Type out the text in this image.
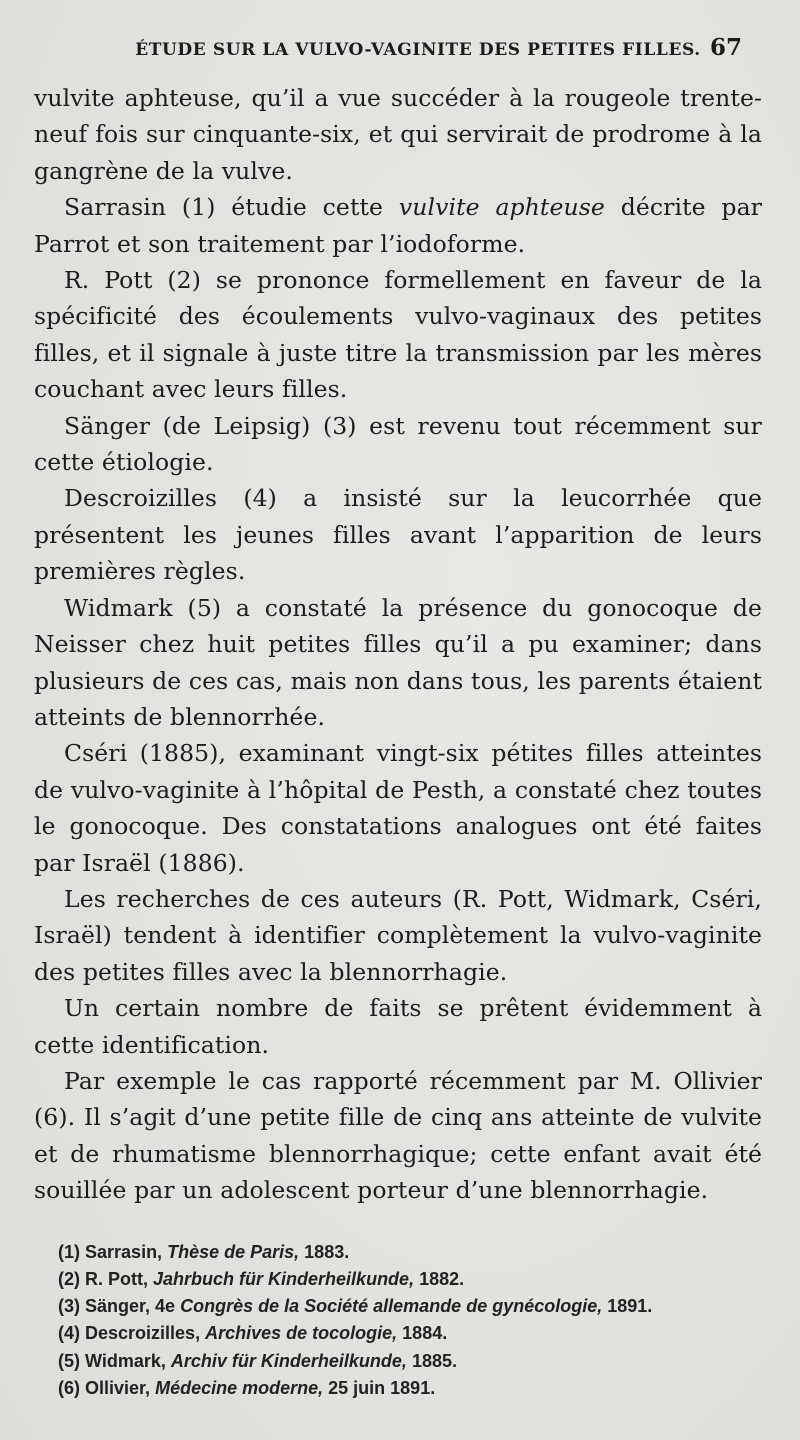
ÉTUDE SUR LA VULVO-VAGINITE DES PETITES FILLES. 67

vulvite aphteuse, qu’il a vue succéder à la rougeole trente-neuf fois sur cinquante-six, et qui servirait de prodrome à la gangrène de la vulve.

Sarrasin (1) étudie cette vulvite aphteuse décrite par Parrot et son traitement par l’iodoforme.

R. Pott (2) se prononce formellement en faveur de la spécificité des écoulements vulvo-vaginaux des petites filles, et il signale à juste titre la transmission par les mères couchant avec leurs filles.

Sänger (de Leipsig) (3) est revenu tout récemment sur cette étiologie.

Descroizilles (4) a insisté sur la leucorrhée que présentent les jeunes filles avant l’apparition de leurs premières règles.

Widmark (5) a constaté la présence du gonocoque de Neisser chez huit petites filles qu’il a pu examiner; dans plusieurs de ces cas, mais non dans tous, les parents étaient atteints de blennorrhée.

Cséri (1885), examinant vingt-six pétites filles atteintes de vulvo-vaginite à l’hôpital de Pesth, a constaté chez toutes le gonocoque. Des constatations analogues ont été faites par Israël (1886).

Les recherches de ces auteurs (R. Pott, Widmark, Cséri, Israël) tendent à identifier complètement la vulvo-vaginite des petites filles avec la blennorrhagie.

Un certain nombre de faits se prêtent évidemment à cette identification.

Par exemple le cas rapporté récemment par M. Ollivier (6). Il s’agit d’une petite fille de cinq ans atteinte de vulvite et de rhumatisme blennorrhagique; cette enfant avait été souillée par un adolescent porteur d’une blennorrhagie.

(1) Sarrasin, Thèse de Paris, 1883.
(2) R. Pott, Jahrbuch für Kinderheilkunde, 1882.
(3) Sänger, 4e Congrès de la Société allemande de gynécologie, 1891.
(4) Descroizilles, Archives de tocologie, 1884.
(5) Widmark, Archiv für Kinderheilkunde, 1885.
(6) Ollivier, Médecine moderne, 25 juin 1891.
